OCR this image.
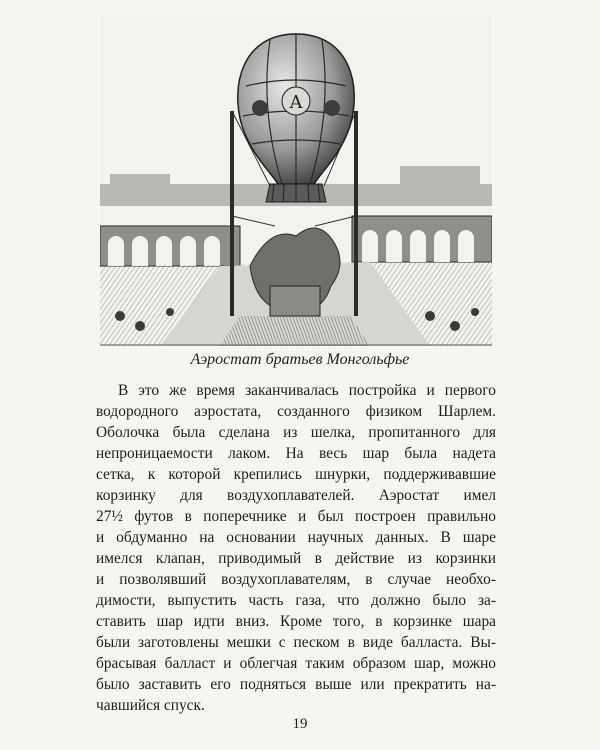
A
Аэростат братьев Монгольфье
В это же время заканчивалась постройка и первого
водородного аэростата, созданного физиком Шарлем.
Оболочка была сделана из шелка, пропитанного для
непроницаемости лаком. На весь шар была надета
сетка, к которой крепились шнурки, поддерживавшие
корзинку для воздухоплавателей. Аэростат имел
27½ футов в поперечнике и был построен правильно
и обдуманно на основании научных данных. В шаре
имелся клапан, приводимый в действие из корзинки
и позволявший воздухоплавателям, в случае необхо-
димости, выпустить часть газа, что должно было за-
ставить шар идти вниз. Кроме того, в корзинке шара
были заготовлены мешки с песком в виде балласта. Вы-
брасывая балласт и облегчая таким образом шар, можно
было заставить его подняться выше или прекратить на-
чавшийся спуск.
19
